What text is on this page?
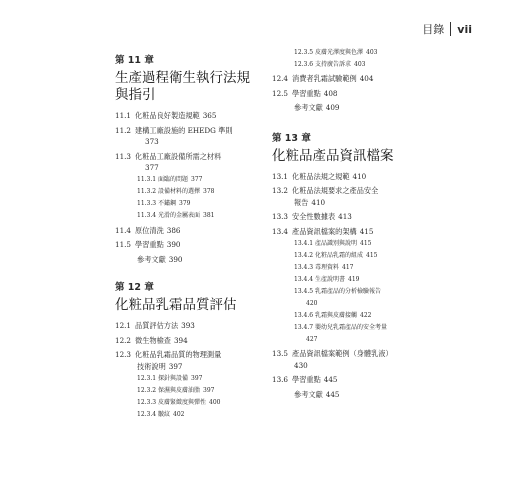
目錄 vii
第 11 章
生產過程衛生執行法規
與指引
11.1 化粧品良好製造規範 365
11.2 建構工廠設施的 EHEDG 準則
373
11.3 化粧品工廠設備所需之材料
377
11.3.1 面臨的問題 377
11.3.2 設備材料的選擇 378
11.3.3 不鏽鋼 379
11.3.4 光滑的金屬表面 381
11.4 原位清洗 386
11.5 學習重點 390
參考文獻 390
第 12 章
化粧品乳霜品質評估
12.1 品質評估方法 393
12.2 微生物檢查 394
12.3 化粧品乳霜品質的物理測量
技術說明 397
12.3.1 探針與設備 397
12.3.2 保濕與皮膚油脂 397
12.3.3 皮膚緊緻度與彈性 400
12.3.4 皺紋 402
12.3.5 皮膚光澤度與色澤 403
12.3.6 支持廣告訴求 403
12.4 消費者乳霜試驗範例 404
12.5 學習重點 408
參考文獻 409
第 13 章
化粧品產品資訊檔案
13.1 化粧品法規之規範 410
13.2 化粧品法規要求之產品安全
報告 410
13.3 安全性數據表 413
13.4 產品資訊檔案的架構 415
13.4.1 產品識別與說明 415
13.4.2 化粧品乳霜的組成 415
13.4.3 毒理資料 417
13.4.4 生產說明書 419
13.4.5 乳霜產品的分析檢驗報告
420
13.4.6 乳霜與皮膚接觸 422
13.4.7 嬰幼兒乳霜產品的安全考量
427
13.5 產品資訊檔案範例（身體乳液）
430
13.6 學習重點 445
參考文獻 445
